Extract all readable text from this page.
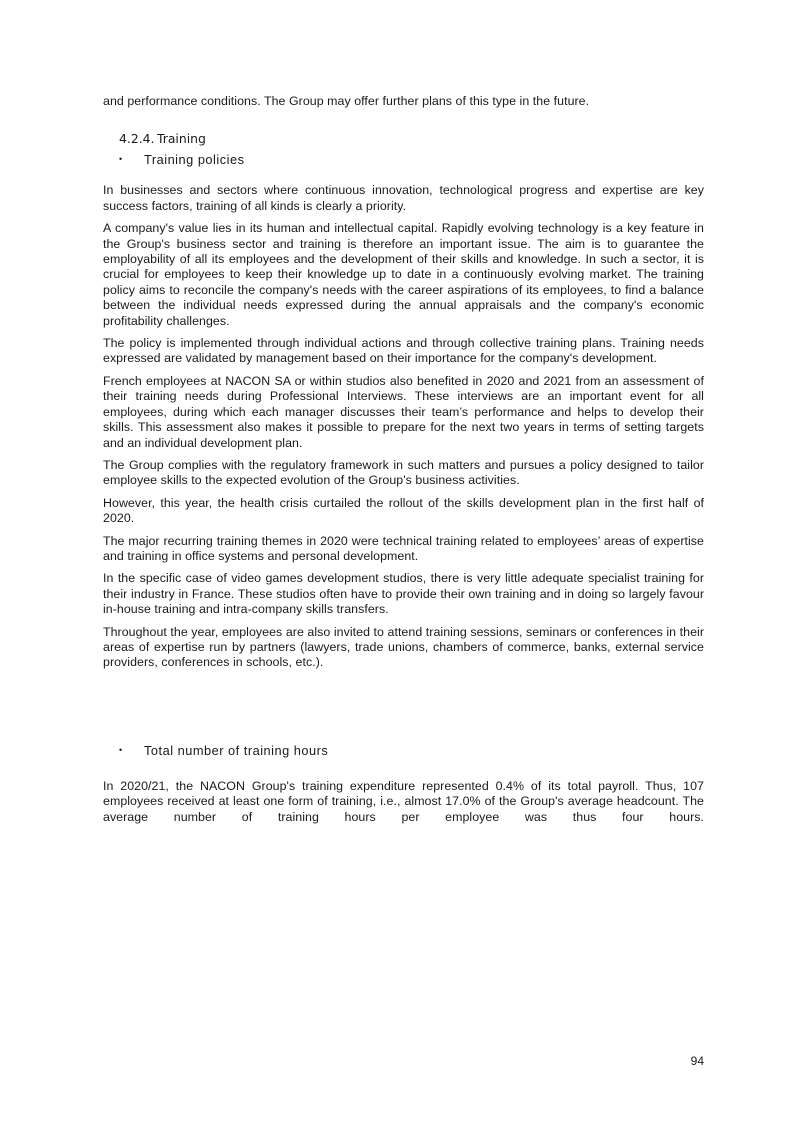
and performance conditions. The Group may offer further plans of this type in the future.

4.2.4. Training
•	Training policies

In businesses and sectors where continuous innovation, technological progress and expertise are key success factors, training of all kinds is clearly a priority.

A company's value lies in its human and intellectual capital. Rapidly evolving technology is a key feature in the Group's business sector and training is therefore an important issue. The aim is to guarantee the employability of all its employees and the development of their skills and knowledge. In such a sector, it is crucial for employees to keep their knowledge up to date in a continuously evolving market. The training policy aims to reconcile the company's needs with the career aspirations of its employees, to find a balance between the individual needs expressed during the annual appraisals and the company's economic profitability challenges.

The policy is implemented through individual actions and through collective training plans. Training needs expressed are validated by management based on their importance for the company's development.

French employees at NACON SA or within studios also benefited in 2020 and 2021 from an assessment of their training needs during Professional Interviews. These interviews are an important event for all employees, during which each manager discusses their team’s performance and helps to develop their skills. This assessment also makes it possible to prepare for the next two years in terms of setting targets and an individual development plan.

The Group complies with the regulatory framework in such matters and pursues a policy designed to tailor employee skills to the expected evolution of the Group's business activities.

However, this year, the health crisis curtailed the rollout of the skills development plan in the first half of 2020.

The major recurring training themes in 2020 were technical training related to employees’ areas of expertise and training in office systems and personal development.

In the specific case of video games development studios, there is very little adequate specialist training for their industry in France. These studios often have to provide their own training and in doing so largely favour in-house training and intra-company skills transfers.

Throughout the year, employees are also invited to attend training sessions, seminars or conferences in their areas of expertise run by partners (lawyers, trade unions, chambers of commerce, banks, external service providers, conferences in schools, etc.).

•	Total number of training hours

In 2020/21, the NACON Group's training expenditure represented 0.4% of its total payroll. Thus, 107 employees received at least one form of training, i.e., almost 17.0% of the Group's average headcount. The average number of training hours per employee was thus four hours.

94
